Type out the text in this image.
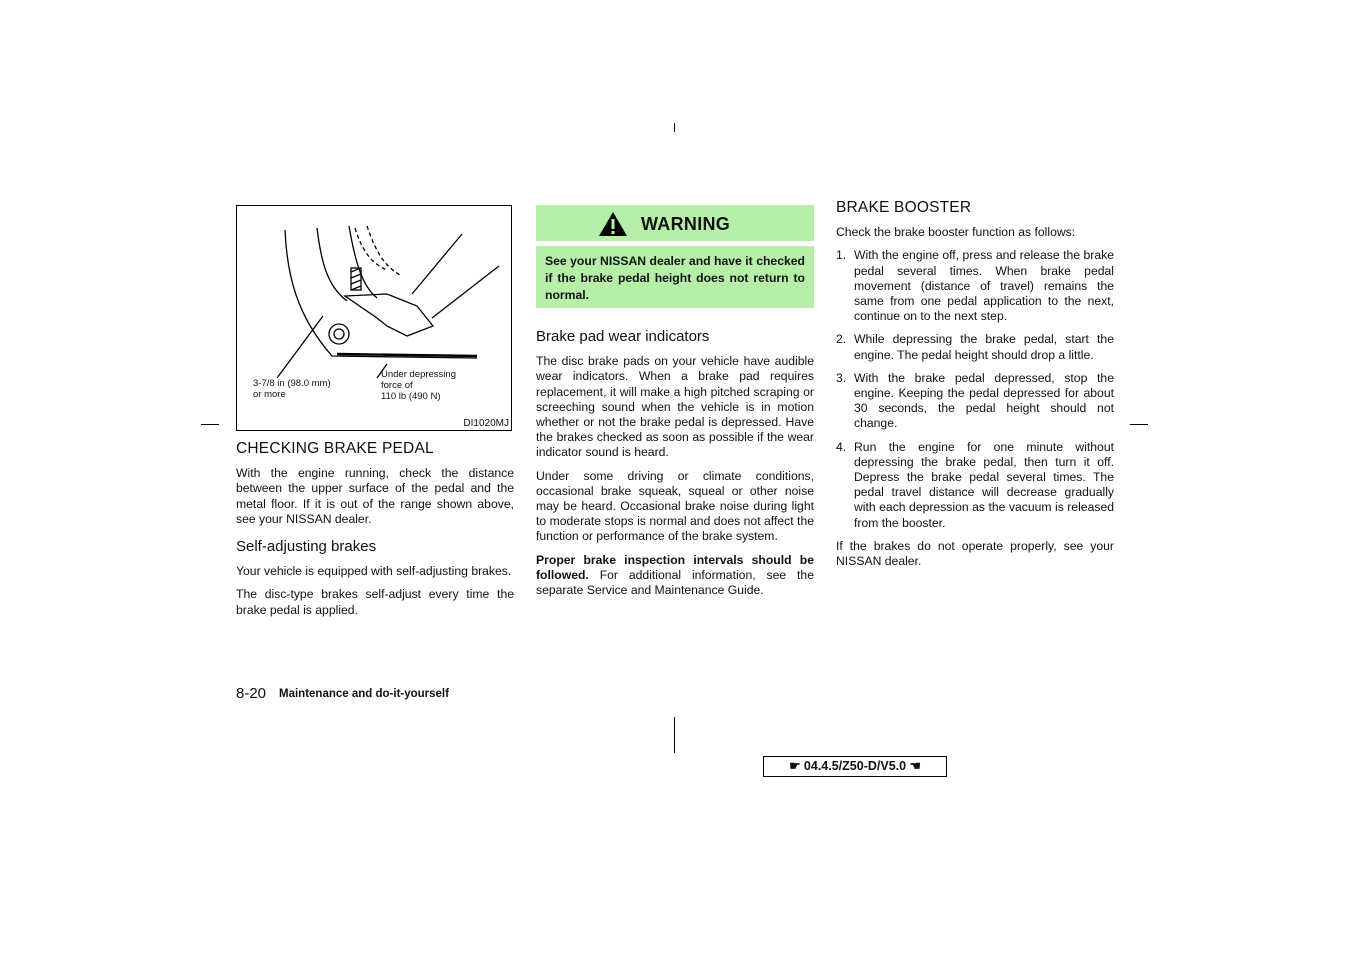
3-7/8 in (98.0 mm)
or more
Under depressing
force of
110 lb (490 N)
DI1020MJ
CHECKING BRAKE PEDAL

With the engine running, check the distance between the upper surface of the pedal and the metal floor. If it is out of the range shown above, see your NISSAN dealer.

Self-adjusting brakes

Your vehicle is equipped with self-adjusting brakes.

The disc-type brakes self-adjust every time the brake pedal is applied.

WARNING
See your NISSAN dealer and have it checked if the brake pedal height does not return to normal.
Brake pad wear indicators

The disc brake pads on your vehicle have audible wear indicators. When a brake pad requires replacement, it will make a high pitched scraping or screeching sound when the vehicle is in motion whether or not the brake pedal is depressed. Have the brakes checked as soon as possible if the wear indicator sound is heard.

Under some driving or climate conditions, occasional brake squeak, squeal or other noise may be heard. Occasional brake noise during light to moderate stops is normal and does not affect the function or performance of the brake system.

Proper brake inspection intervals should be followed. For additional information, see the separate Service and Maintenance Guide.

BRAKE BOOSTER

Check the brake booster function as follows:

1. With the engine off, press and release the brake pedal several times. When brake pedal movement (distance of travel) remains the same from one pedal application to the next, continue on to the next step.
2. While depressing the brake pedal, start the engine. The pedal height should drop a little.
3. With the brake pedal depressed, stop the engine. Keeping the pedal depressed for about 30 seconds, the pedal height should not change.
4. Run the engine for one minute without depressing the brake pedal, then turn it off. Depress the brake pedal several times. The pedal travel distance will decrease gradually with each depression as the vacuum is released from the booster.

If the brakes do not operate properly, see your NISSAN dealer.

8-20 Maintenance and do-it-yourself
☛ 04.4.5/Z50-D/V5.0 ☚
